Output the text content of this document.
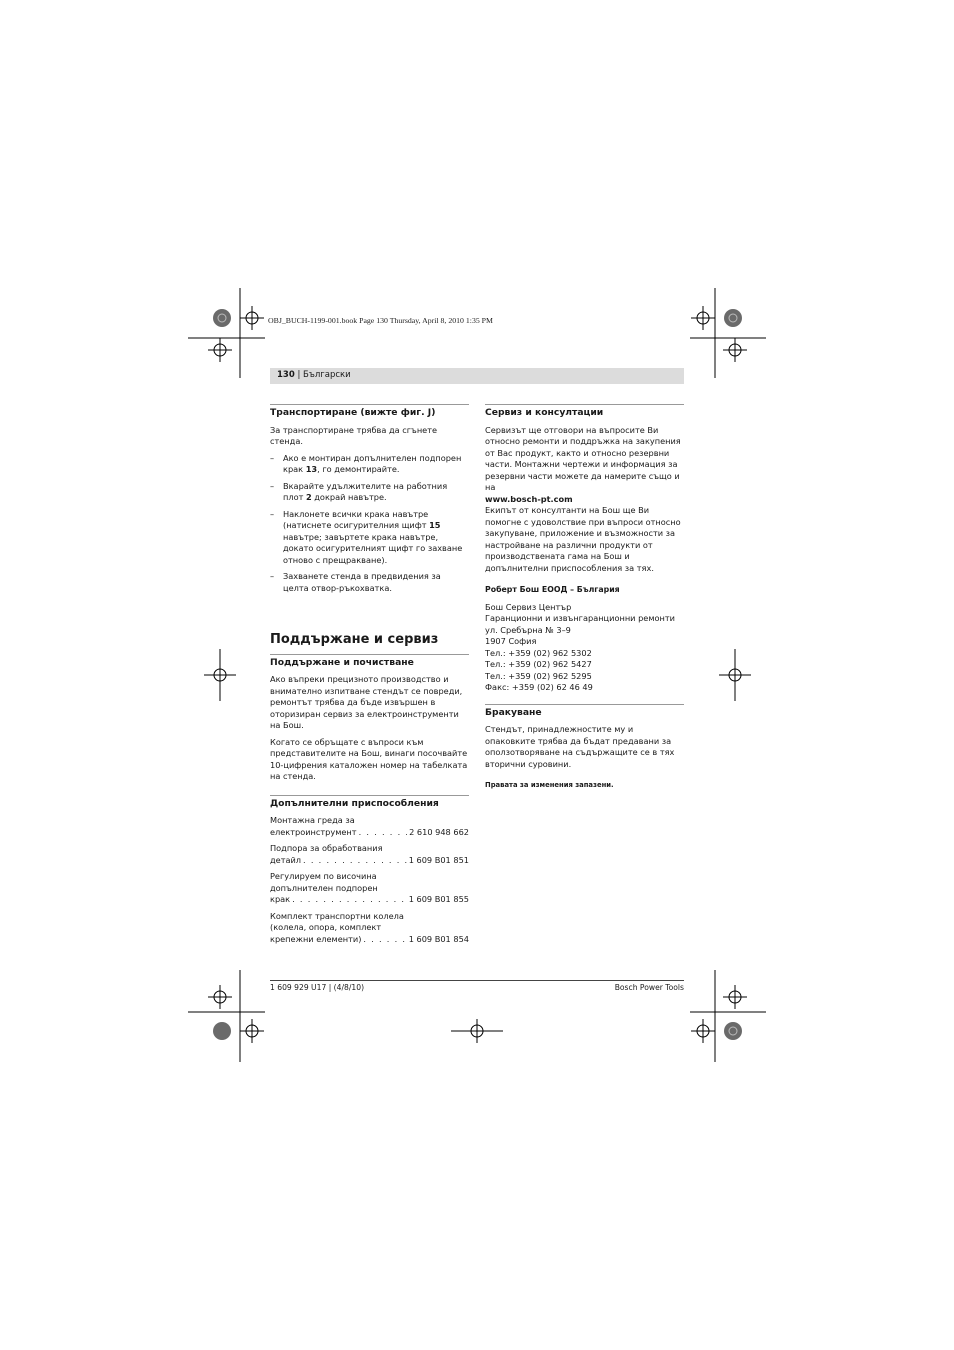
OBJ_BUCH-1199-001.book Page 130 Thursday, April 8, 2010 1:35 PM
130 | Български
Транспортиране (вижте фиг. J)

За транспортиране трябва да сгънете стенда.

– Ако е монтиран допълнителен подпорен крак 13, го демонтирайте.

– Вкарайте удължителите на работния плот 2 докрай навътре.

– Наклонете всички крака навътре (натиснете осигурителния щифт 15 навътре; завъртете крака навътре, докато осигурителният щифт го захване отново с прещракване).

– Захванете стенда в предвидения за целта отвор-ръкохватка.

Поддържане и сервиз
Поддържане и почистване

Ако въпреки прецизното производство и внимателно изпитване стендът се повреди, ремонтът трябва да бъде извършен в оторизиран сервиз за електроинструменти на Бош.

Когато се обръщате с въпроси към представителите на Бош, винаги посочвайте 10-цифрения каталожен номер на табелката на стенда.

Допълнителни приспособления
Монтажна греда за
електроинструмент . . .	2 610 948 662
Подпора за обработвания
детайл . . .	1 609 B01 851
Регулируем по височина
допълнителен подпорен
крак . . .	1 609 B01 855
Комплект транспортни колела
(колела, опора, комплект
крепежни елементи) . . .	1 609 B01 854
Сервиз и консултации
Сервизът ще отговори на въпросите Ви относно ремонти и поддръжка на закупения от Вас продукт, както и относно резервни части. Монтажни чертежи и информация за резервни части можете да намерите също и на
www.bosch-pt.com

Екипът от консултанти на Бош ще Ви помогне с удоволствие при въпроси относно закупуване, приложение и възможности за настройване на различни продукти от производствената гама на Бош и допълнителни приспособления за тях.

Роберт Бош ЕООД – България
Бош Сервиз Център
Гаранционни и извънгаранционни ремонти
ул. Сребърна № 3–9
1907 София
Тел.: +359 (02) 962 5302
Тел.: +359 (02) 962 5427
Тел.: +359 (02) 962 5295
Факс: +359 (02) 62 46 49
Бракуване

Стендът, принадлежностите му и опаковките трябва да бъдат предавани за оползотворяване на съдържащите се в тях вторични суровини.

Правата за изменения запазени.
1 609 929 U17 | (4/8/10)	Bosch Power Tools
